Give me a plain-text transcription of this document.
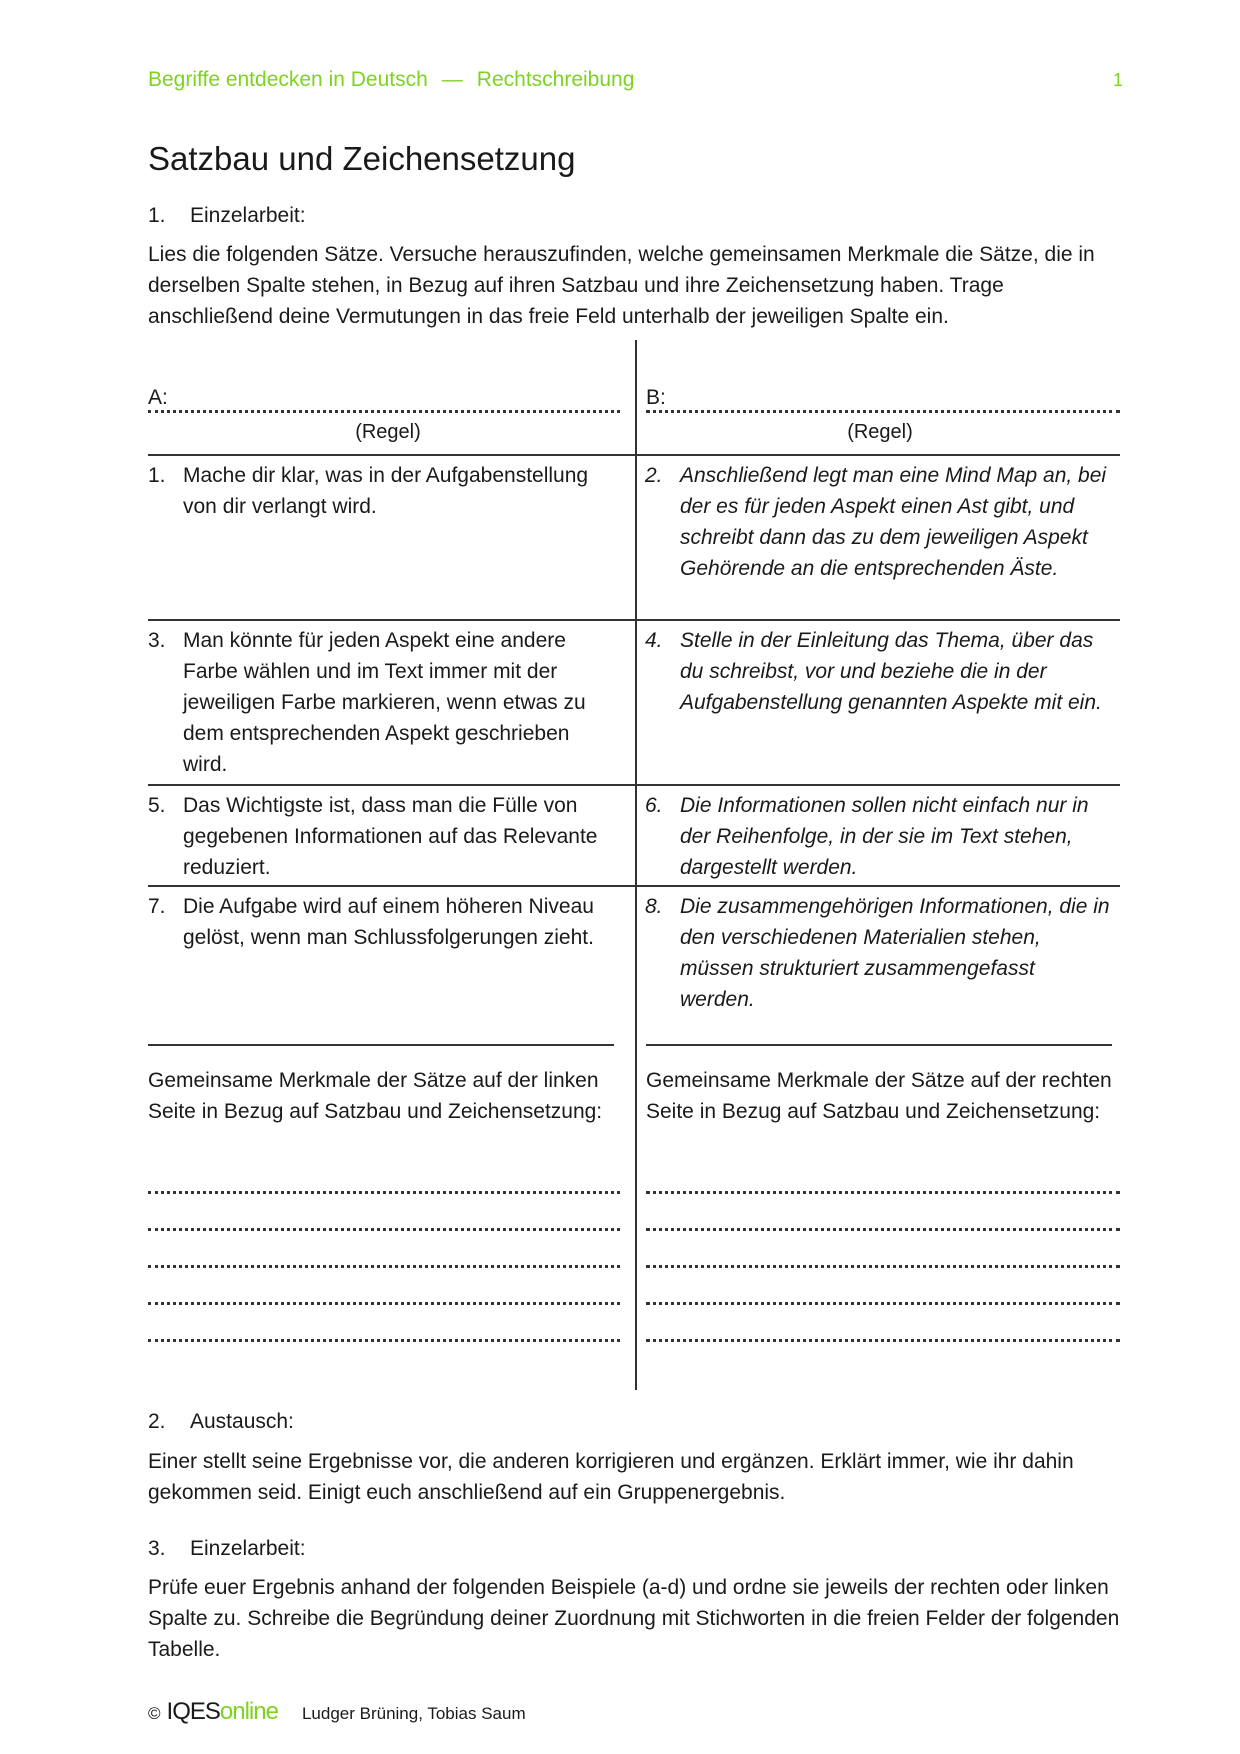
Begriffe entdecken in Deutsch — Rechtschreibung	1
Satzbau und Zeichensetzung
1. Einzelarbeit:
Lies die folgenden Sätze. Versuche herauszufinden, welche gemeinsamen Merkmale die Sätze, die in derselben Spalte stehen, in Bezug auf ihren Satzbau und ihre Zeichensetzung haben. Trage anschließend deine Vermutungen in das freie Feld unterhalb der jeweiligen Spalte ein.
A:
(Regel)
B:
(Regel)
1. Mache dir klar, was in der Aufgabenstellung von dir verlangt wird.
2. Anschließend legt man eine Mind Map an, bei der es für jeden Aspekt einen Ast gibt, und schreibt dann das zu dem jeweiligen Aspekt Gehörende an die entsprechenden Äste.
3. Man könnte für jeden Aspekt eine andere Farbe wählen und im Text immer mit der jeweiligen Farbe markieren, wenn etwas zu dem entsprechenden Aspekt geschrieben wird.
4. Stelle in der Einleitung das Thema, über das du schreibst, vor und beziehe die in der Aufgabenstellung genannten Aspekte mit ein.
5. Das Wichtigste ist, dass man die Fülle von gegebenen Informationen auf das Relevante reduziert.
6. Die Informationen sollen nicht einfach nur in der Reihenfolge, in der sie im Text stehen, dargestellt werden.
7. Die Aufgabe wird auf einem höheren Niveau gelöst, wenn man Schlussfolgerungen zieht.
8. Die zusammengehörigen Informationen, die in den verschiedenen Materialien stehen, müssen strukturiert zusammengefasst werden.
Gemeinsame Merkmale der Sätze auf der linken Seite in Bezug auf Satzbau und Zeichensetzung:
Gemeinsame Merkmale der Sätze auf der rechten Seite in Bezug auf Satzbau und Zeichensetzung:
2. Austausch:
Einer stellt seine Ergebnisse vor, die anderen korrigieren und ergänzen. Erklärt immer, wie ihr dahin gekommen seid. Einigt euch anschließend auf ein Gruppenergebnis.
3. Einzelarbeit:
Prüfe euer Ergebnis anhand der folgenden Beispiele (a-d) und ordne sie jeweils der rechten oder linken Spalte zu. Schreibe die Begründung deiner Zuordnung mit Stichworten in die freien Felder der folgenden Tabelle.
© IQESonline Ludger Brüning, Tobias Saum
